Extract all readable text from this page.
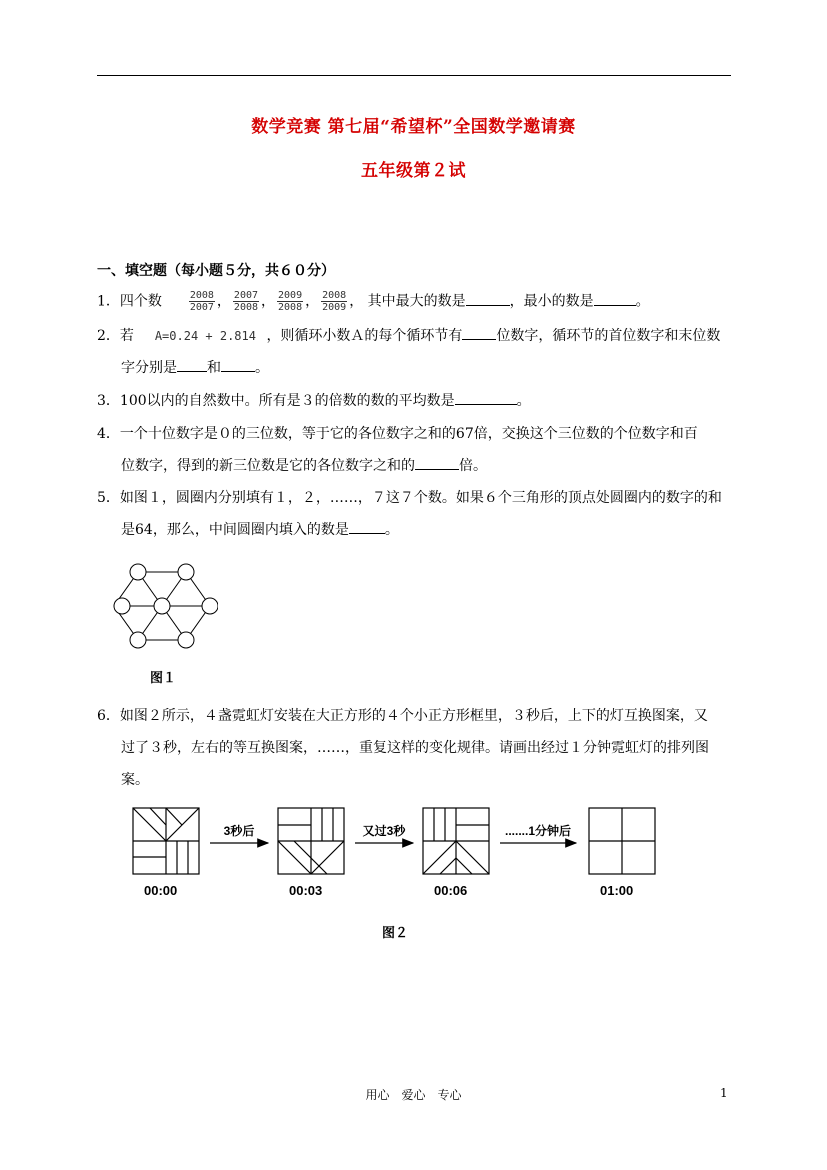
数学竞赛 第七届“希望杯”全国数学邀请赛
五年级第２试
一、填空题（每小题５分，共６０分）
1．四个数	$\frac{2008}{2007}$ ， $\frac{2007}{2008}$ ， $\frac{2009}{2008}$ ， $\frac{2008}{2009}$ ， 其中最大的数是	，最小的数是	。
2．若 A=0.24 + 2.814 ，则循环小数Ａ的每个循环节有 位数字，循环节的首位数字和末位数
字分别是 和 。
3．100以内的自然数中。所有是３的倍数的数的平均数是	。
4．一个十位数字是０的三位数，等于它的各位数字之和的67倍，交换这个三位数的个位数字和百
位数字，得到的新三位数是它的各位数字之和的	倍。
5．如图１，圆圈内分别填有１，２，……，７这７个数。如果６个三角形的顶点处圆圈内的数字的和
是64，那么，中间圆圈内填入的数是	。
图１
6．如图２所示，４盏霓虹灯安装在大正方形的４个小正方形框里，３秒后，上下的灯互换图案，又
过了３秒，左右的等互换图案，……，重复这样的变化规律。请画出经过１分钟霓虹灯的排列图
案。
3秒后	又过3秒	.......1分钟后
00:00	00:03	00:06	01:00
图２
用心　爱心　专心	1
